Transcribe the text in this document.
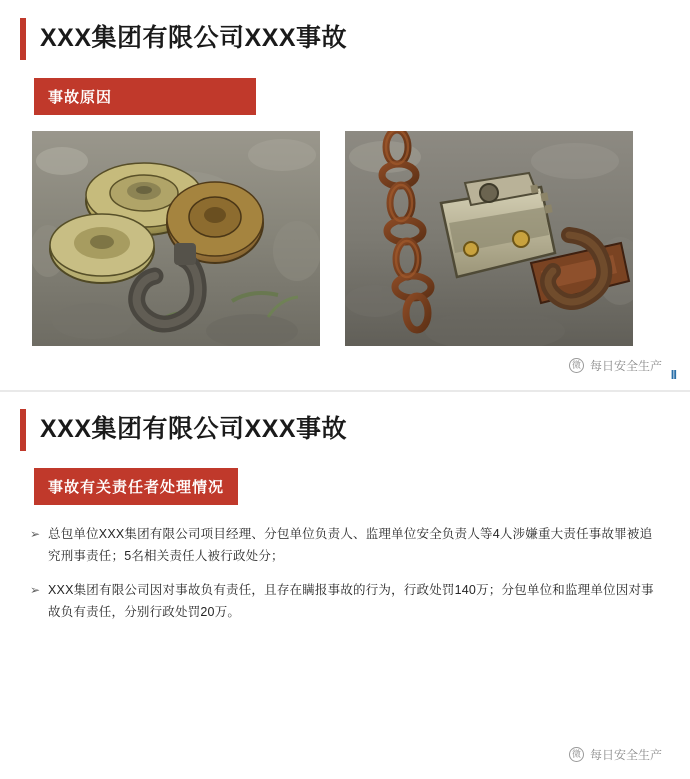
XXX集团有限公司XXX事故
事故原因
微 每日安全生产
II
XXX集团有限公司XXX事故
事故有关责任者处理情况
➢ 总包单位XXX集团有限公司项目经理、分包单位负责人、监理单位安全负责人等4人涉嫌重大责任事故罪被追究刑事责任；5名相关责任人被行政处分；
➢ XXX集团有限公司因对事故负有责任，且存在瞒报事故的行为，行政处罚140万；分包单位和监理单位因对事故负有责任，分别行政处罚20万。
微 每日安全生产
